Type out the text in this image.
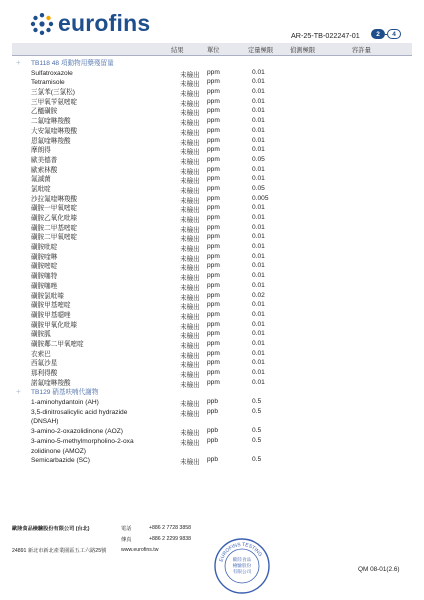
eurofins	AR-25-TB-022247-01	2	4
結果	單位	定量極限	偵測極限	容許量
+ TB118 48 項動物用藥殘留量
Sulfatroxazole	未檢出 ppm	0.01
Tetramisole	未檢出 ppm	0.01
三氯苯(三氯松)	未檢出 ppm	0.01
三甲氧苄氨嘧啶	未檢出 ppm	0.01
乙醯磺胺	未檢出 ppm	0.01
二氟喹啉羧酸	未檢出 ppm	0.01
大安氟喹啉羧酸	未檢出 ppm	0.01
恩氟喹啉羧酸	未檢出 ppm	0.01
摩朗得	未檢出 ppm	0.01
歐美德普	未檢出 ppm	0.05
歐索林酸	未檢出 ppm	0.01
氟滅菌	未檢出 ppm	0.01
氯吡啶	未檢出 ppm	0.05
沙拉氟喹啉羧酸	未檢出 ppm	0.005
磺胺一甲氧嘧啶	未檢出 ppm	0.01
磺胺乙氧化吡嗪	未檢出 ppm	0.01
磺胺二甲基嘧啶	未檢出 ppm	0.01
磺胺二甲氧嘧啶	未檢出 ppm	0.01
磺胺吡啶	未檢出 ppm	0.01
磺胺喹啉	未檢出 ppm	0.01
磺胺嘧啶	未檢出 ppm	0.01
磺胺噻特	未檢出 ppm	0.01
磺胺噻唑	未檢出 ppm	0.01
磺胺氯吡嗪	未檢出 ppm	0.02
磺胺甲基嘧啶	未檢出 ppm	0.01
磺胺甲基噁唑	未檢出 ppm	0.01
磺胺甲氧化吡嗪	未檢出 ppm	0.01
磺胺胍	未檢出 ppm	0.01
磺胺鄰二甲氧嘧啶	未檢出 ppm	0.01
衣索巴	未檢出 ppm	0.01
西氟沙星	未檢出 ppm	0.01
那利得酸	未檢出 ppm	0.01
諾氟喹啉羧酸	未檢出 ppm	0.01
+ TB129 硝基呋喃代謝物
1-aminohydantoin (AH)	未檢出 ppb	0.5
3,5-dinitrosalicylic acid hydrazide
(DNSAH)
未檢出 ppb	0.5
3-amino-2-oxazolidinone (AOZ)	未檢出 ppb	0.5
3-amino-5-methylmorpholino-2-oxa
zolidinone (AMOZ)
未檢出 ppb	0.5
Semicarbazide (SC)	未檢出 ppb	0.5
歐陸食品檢驗股份有限公司 (台北)
24891 新北市新北產業園區五工六路25號
電話	+886 2 7728 3858
傳真	+886 2 2299 9838
www.eurofins.tw
EUROFINS TESTING
歐陸食品檢驗股份有限公司	QM 08-01(2.6)
